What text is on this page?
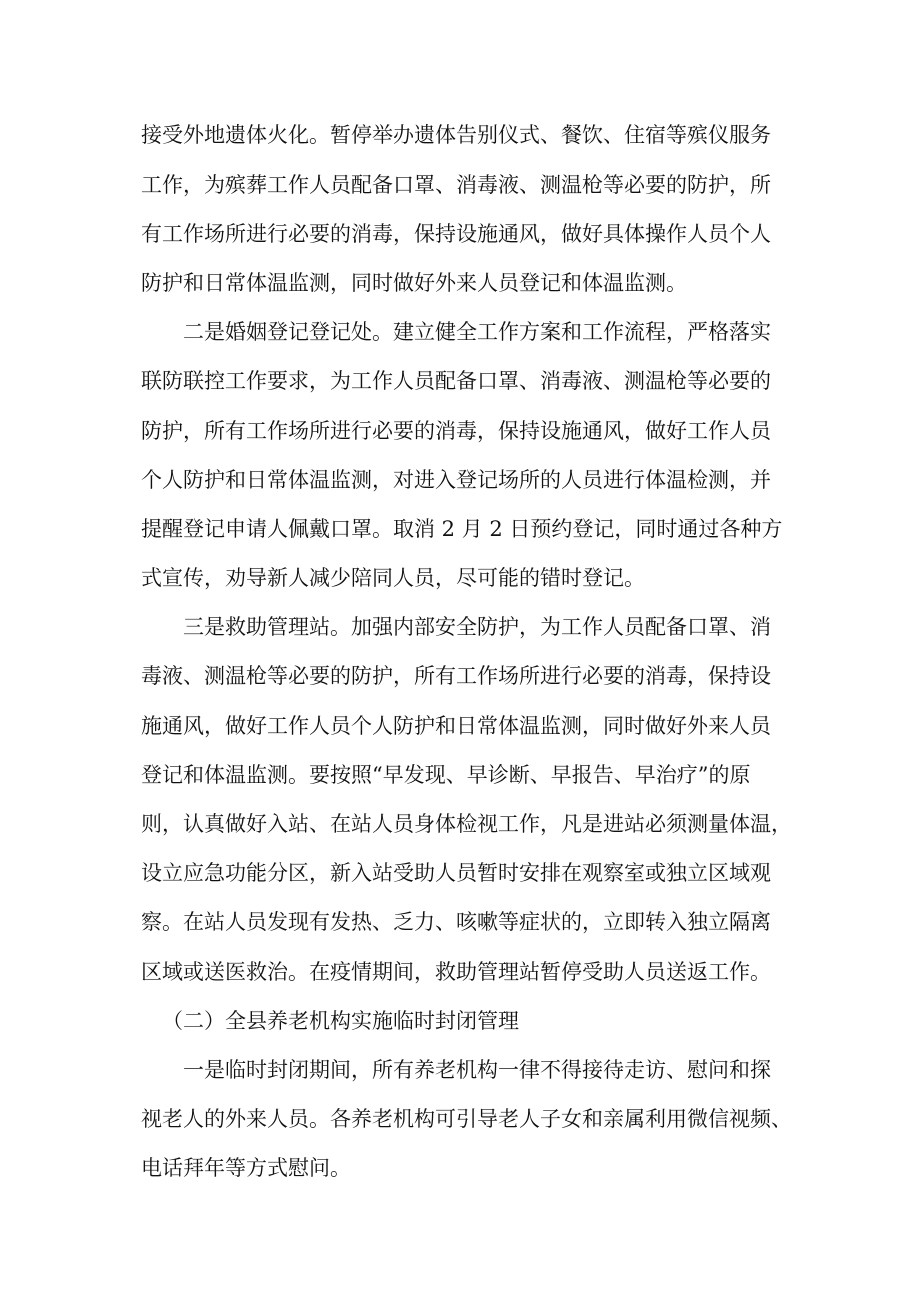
接受外地遗体火化。暂停举办遗体告别仪式、餐饮、住宿等殡仪服务

工作，为殡葬工作人员配备口罩、消毒液、测温枪等必要的防护，所

有工作场所进行必要的消毒，保持设施通风，做好具体操作人员个人

防护和日常体温监测，同时做好外来人员登记和体温监测。

二是婚姻登记登记处。建立健全工作方案和工作流程，严格落实

联防联控工作要求，为工作人员配备口罩、消毒液、测温枪等必要的

防护，所有工作场所进行必要的消毒，保持设施通风，做好工作人员

个人防护和日常体温监测，对进入登记场所的人员进行体温检测，并

提醒登记申请人佩戴口罩。取消 2 月 2 日预约登记，同时通过各种方

式宣传，劝导新人减少陪同人员，尽可能的错时登记。

三是救助管理站。加强内部安全防护，为工作人员配备口罩、消

毒液、测温枪等必要的防护，所有工作场所进行必要的消毒，保持设

施通风，做好工作人员个人防护和日常体温监测，同时做好外来人员

登记和体温监测。要按照“早发现、早诊断、早报告、早治疗”的原

则，认真做好入站、在站人员身体检视工作，凡是进站必须测量体温，

设立应急功能分区，新入站受助人员暂时安排在观察室或独立区域观

察。在站人员发现有发热、乏力、咳嗽等症状的，立即转入独立隔离

区域或送医救治。在疫情期间，救助管理站暂停受助人员送返工作。

（二）全县养老机构实施临时封闭管理

一是临时封闭期间，所有养老机构一律不得接待走访、慰问和探

视老人的外来人员。各养老机构可引导老人子女和亲属利用微信视频、

电话拜年等方式慰问。
